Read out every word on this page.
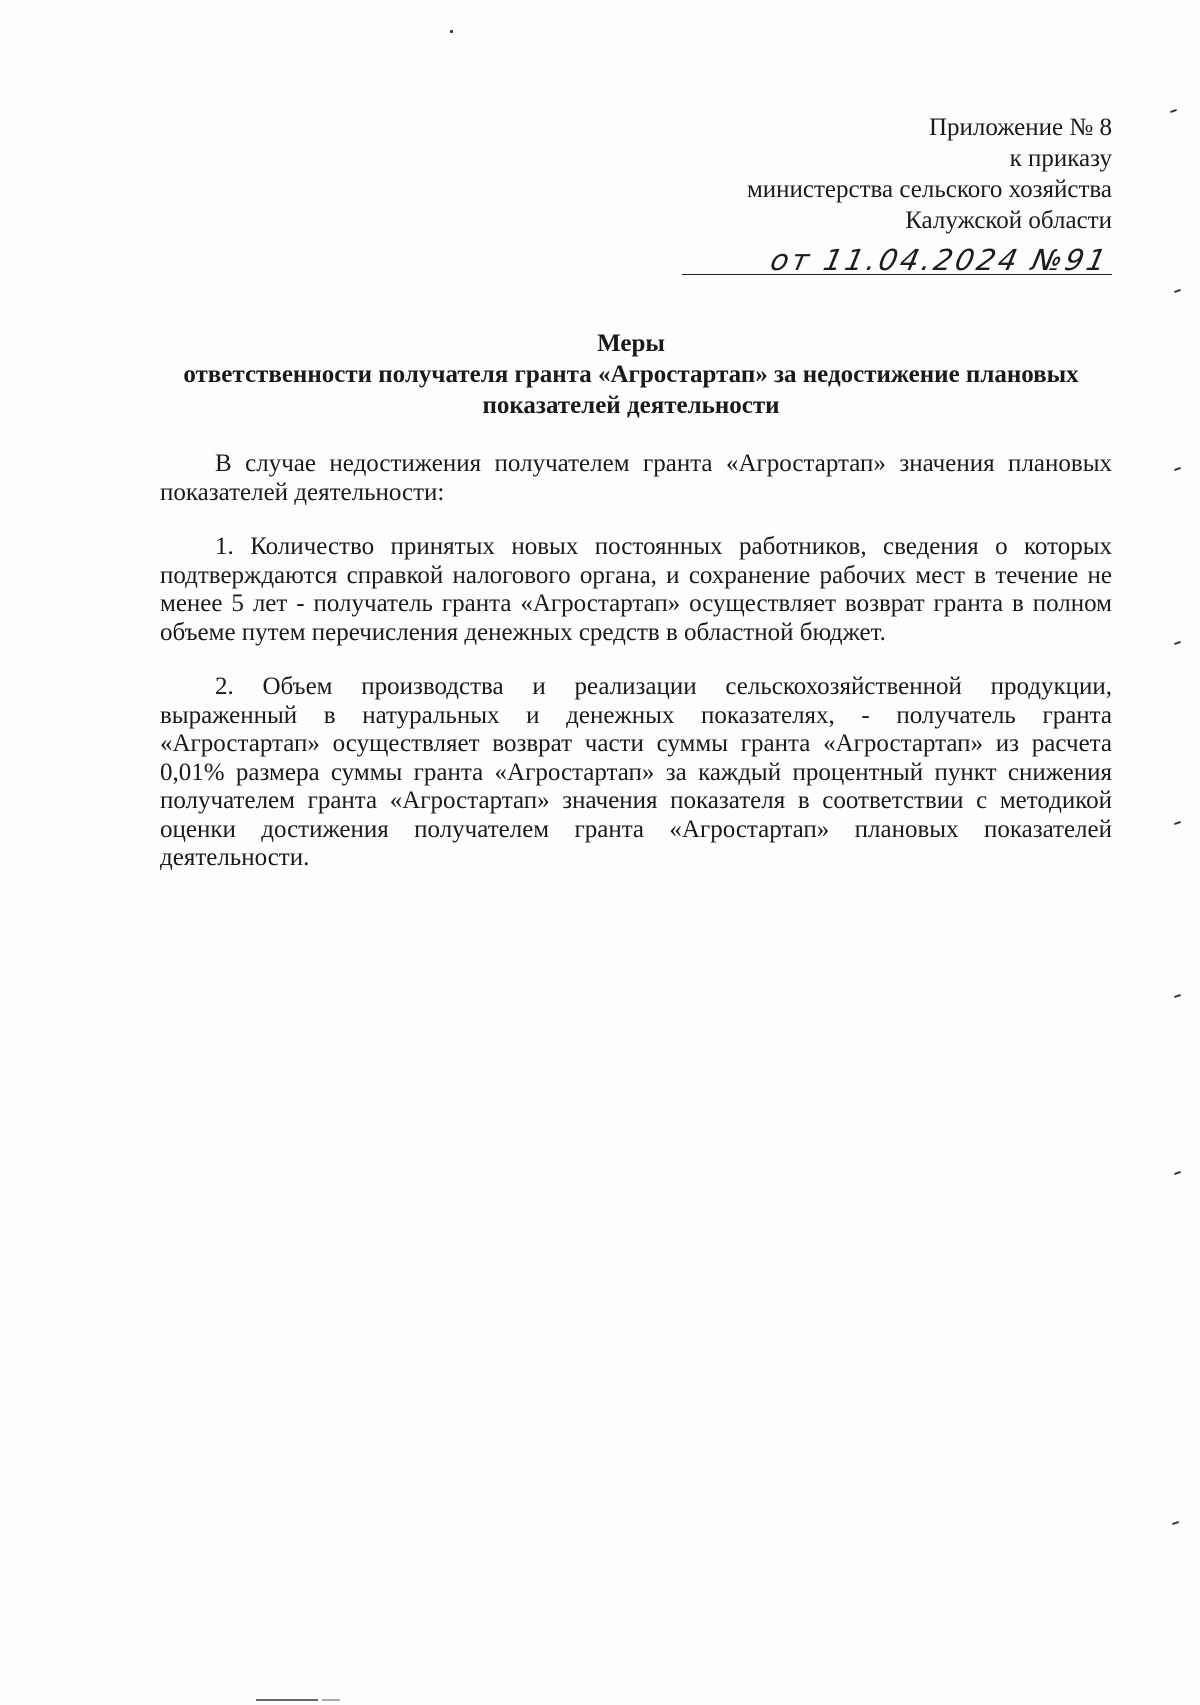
Приложение № 8
к приказу
министерства сельского хозяйства
Калужской области
от 11.04.2024 №91
Меры
ответственности получателя гранта «Агростартап» за недостижение плановых
показателей деятельности

В случае недостижения получателем гранта «Агростартап» значения плановых показателей деятельности:

1. Количество принятых новых постоянных работников, сведения о которых подтверждаются справкой налогового органа, и сохранение рабочих мест в течение не менее 5 лет - получатель гранта «Агростартап» осуществляет возврат гранта в полном объеме путем перечисления денежных средств в областной бюджет.

2. Объем производства и реализации сельскохозяйственной продукции, выраженный в натуральных и денежных показателях, - получатель гранта «Агростартап» осуществляет возврат части суммы гранта «Агростартап» из расчета 0,01% размера суммы гранта «Агростартап» за каждый процентный пункт снижения получателем гранта «Агростартап» значения показателя в соответствии с методикой оценки достижения получателем гранта «Агростартап» плановых показателей деятельности.
